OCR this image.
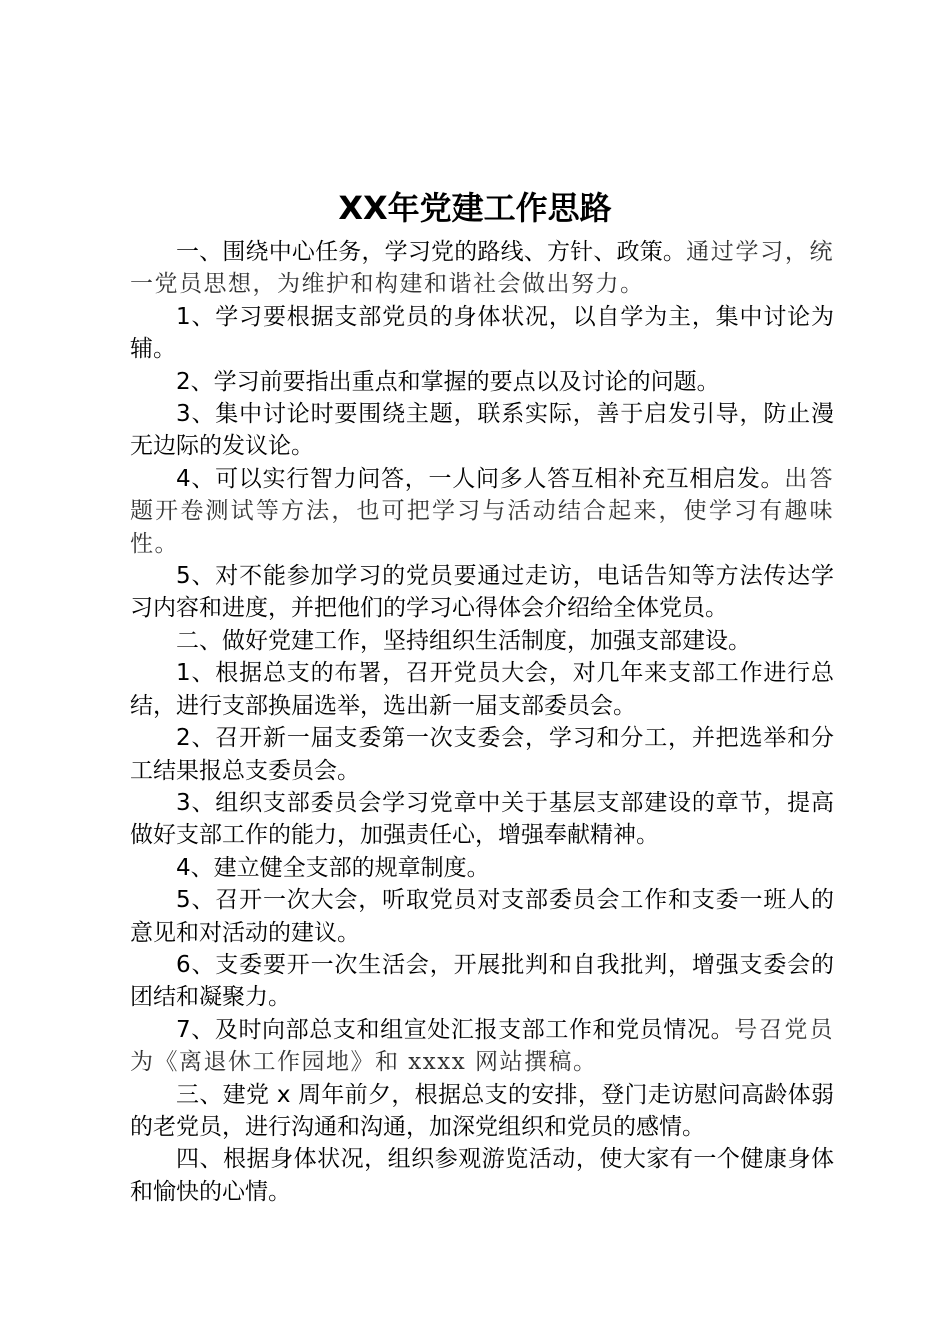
XX年党建工作思路

一、围绕中心任务，学习党的路线、方针、政策。通过学习，统一党员思想，为维护和构建和谐社会做出努力。

1、学习要根据支部党员的身体状况，以自学为主，集中讨论为辅。

2、学习前要指出重点和掌握的要点以及讨论的问题。

3、集中讨论时要围绕主题，联系实际，善于启发引导，防止漫无边际的发议论。

4、可以实行智力问答，一人问多人答互相补充互相启发。出答题开卷测试等方法，也可把学习与活动结合起来，使学习有趣味性。

5、对不能参加学习的党员要通过走访，电话告知等方法传达学习内容和进度，并把他们的学习心得体会介绍给全体党员。

二、做好党建工作，坚持组织生活制度，加强支部建设。

1、根据总支的布署，召开党员大会，对几年来支部工作进行总结，进行支部换届选举，选出新一届支部委员会。

2、召开新一届支委第一次支委会，学习和分工，并把选举和分工结果报总支委员会。

3、组织支部委员会学习党章中关于基层支部建设的章节，提高做好支部工作的能力，加强责任心，增强奉献精神。

4、建立健全支部的规章制度。

5、召开一次大会，听取党员对支部委员会工作和支委一班人的意见和对活动的建议。

6、支委要开一次生活会，开展批判和自我批判，增强支委会的团结和凝聚力。

7、及时向部总支和组宣处汇报支部工作和党员情况。号召党员为《离退休工作园地》和 xxxx 网站撰稿。

三、建党 x 周年前夕，根据总支的安排，登门走访慰问高龄体弱的老党员，进行沟通和沟通，加深党组织和党员的感情。

四、根据身体状况，组织参观游览活动，使大家有一个健康身体和愉快的心情。
